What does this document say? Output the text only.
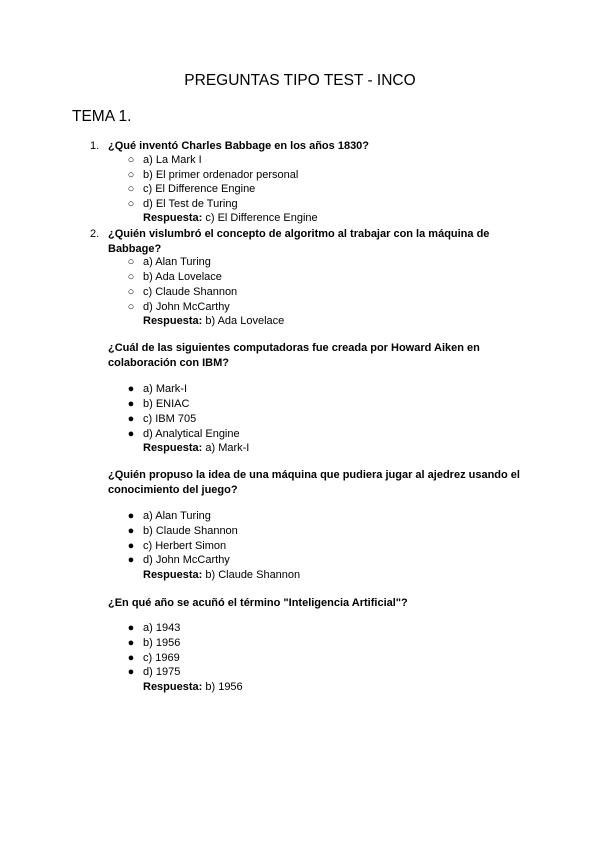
PREGUNTAS TIPO TEST - INCO
TEMA 1.
1. ¿Qué inventó Charles Babbage en los años 1830?
○ a) La Mark I
○ b) El primer ordenador personal
○ c) El Difference Engine
○ d) El Test de Turing
Respuesta: c) El Difference Engine
2. ¿Quién vislumbró el concepto de algoritmo al trabajar con la máquina de Babbage?
○ a) Alan Turing
○ b) Ada Lovelace
○ c) Claude Shannon
○ d) John McCarthy
Respuesta: b) Ada Lovelace
¿Cuál de las siguientes computadoras fue creada por Howard Aiken en colaboración con IBM?
● a) Mark-I
● b) ENIAC
● c) IBM 705
● d) Analytical Engine
Respuesta: a) Mark-I
¿Quién propuso la idea de una máquina que pudiera jugar al ajedrez usando el conocimiento del juego?
● a) Alan Turing
● b) Claude Shannon
● c) Herbert Simon
● d) John McCarthy
Respuesta: b) Claude Shannon
¿En qué año se acuñó el término "Inteligencia Artificial"?
● a) 1943
● b) 1956
● c) 1969
● d) 1975
Respuesta: b) 1956
